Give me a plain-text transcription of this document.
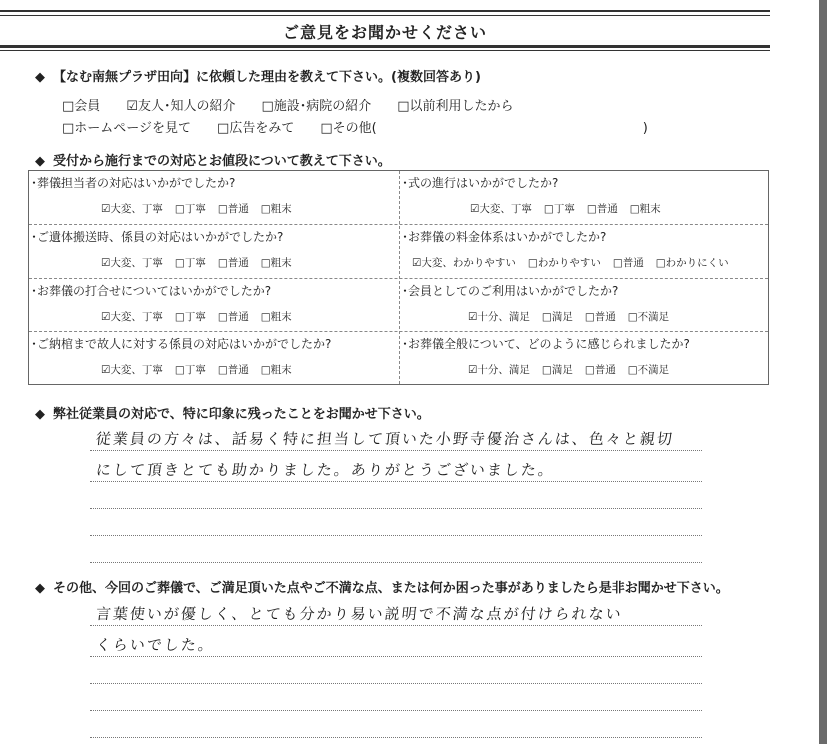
ご意見をお聞かせください
◆ 【なむ南無プラザ田向】に依頼した理由を教えて下さい。(複数回答あり)
□会員 ☑友人･知人の紹介 □施設･病院の紹介 □以前利用したから
□ホームページを見て □広告をみて □その他(	)
◆ 受付から施行までの対応とお値段について教えて下さい。
･葬儀担当者の対応はいかがでしたか?
☑大変、丁寧 □丁寧 □普通 □粗末
･式の進行はいかがでしたか?
☑大変、丁寧 □丁寧 □普通 □粗末
･ご遺体搬送時、係員の対応はいかがでしたか?
☑大変、丁寧 □丁寧 □普通 □粗末
･お葬儀の料金体系はいかがでしたか?
☑大変、わかりやすい □わかりやすい □普通 □わかりにくい
･お葬儀の打合せについてはいかがでしたか?
☑大変、丁寧 □丁寧 □普通 □粗末
･会員としてのご利用はいかがでしたか?
☑十分、満足 □満足 □普通 □不満足
･ご納棺まで故人に対する係員の対応はいかがでしたか?
☑大変、丁寧 □丁寧 □普通 □粗末
･お葬儀全般について、どのように感じられましたか?
☑十分、満足 □満足 □普通 □不満足
◆ 弊社従業員の対応で、特に印象に残ったことをお聞かせ下さい。
従業員の方々は、話易く特に担当して頂いた小野寺優治さんは、色々と親切
にして頂きとても助かりました。ありがとうございました。
◆ その他、今回のご葬儀で、ご満足頂いた点やご不満な点、または何か困った事がありましたら是非お聞かせ下さい。
言葉使いが優しく、とても分かり易い説明で不満な点が付けられない
くらいでした。
